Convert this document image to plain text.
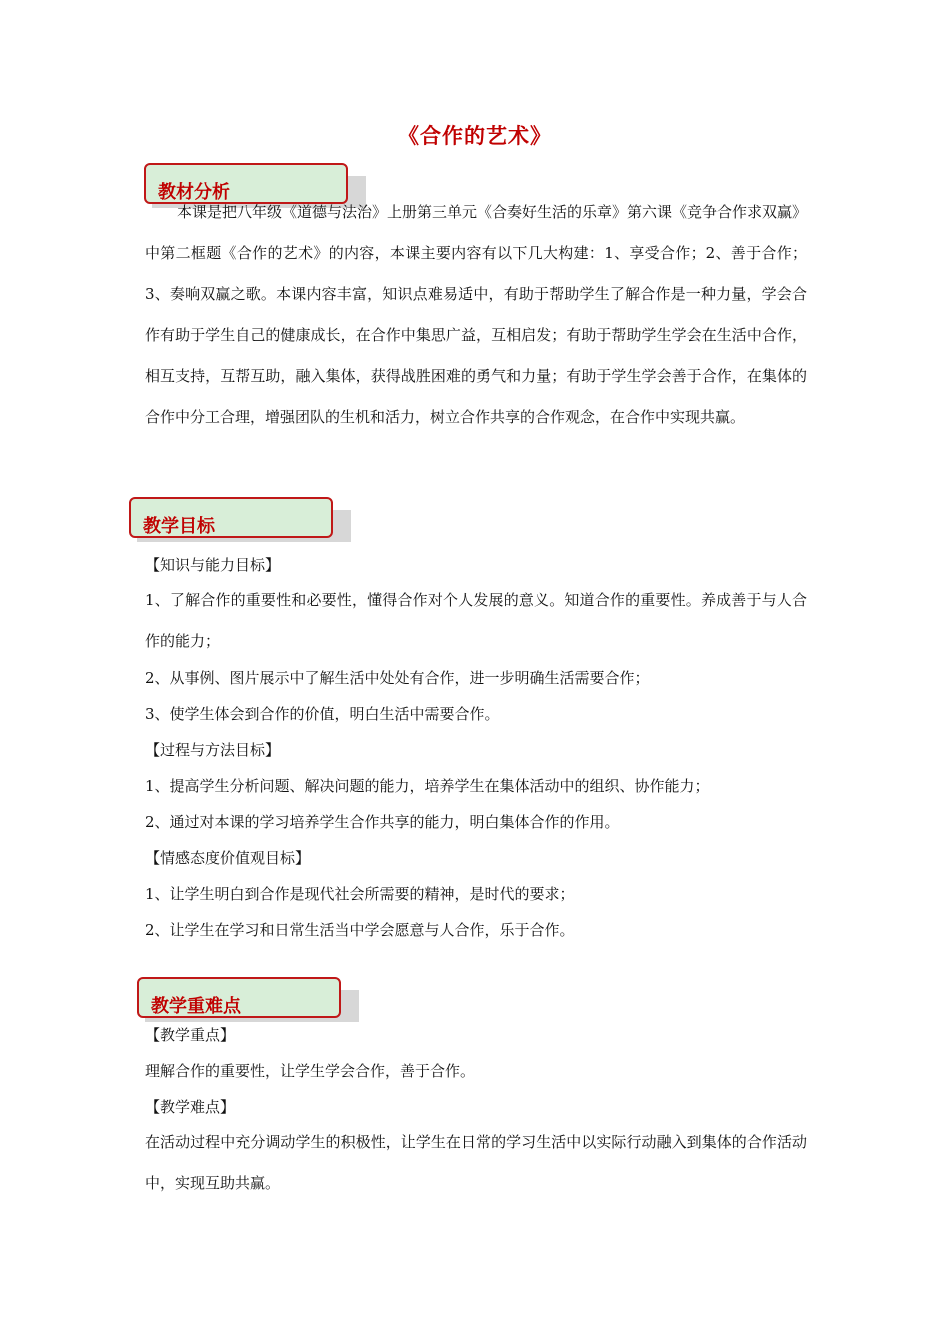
《合作的艺术》
教材分析

本课是把八年级《道德与法治》上册第三单元《合奏好生活的乐章》第六课《竞争合作求双赢》中第二框题《合作的艺术》的内容，本课主要内容有以下几大构建：1、享受合作；2、善于合作；3、奏响双赢之歌。本课内容丰富，知识点难易适中，有助于帮助学生了解合作是一种力量，学会合作有助于学生自己的健康成长，在合作中集思广益，互相启发；有助于帮助学生学会在生活中合作，相互支持，互帮互助，融入集体，获得战胜困难的勇气和力量；有助于学生学会善于合作，在集体的合作中分工合理，增强团队的生机和活力，树立合作共享的合作观念，在合作中实现共赢。

教学目标

【知识与能力目标】

1、了解合作的重要性和必要性，懂得合作对个人发展的意义。知道合作的重要性。养成善于与人合作的能力；

2、从事例、图片展示中了解生活中处处有合作，进一步明确生活需要合作；

3、使学生体会到合作的价值，明白生活中需要合作。

【过程与方法目标】

1、提高学生分析问题、解决问题的能力，培养学生在集体活动中的组织、协作能力；

2、通过对本课的学习培养学生合作共享的能力，明白集体合作的作用。

【情感态度价值观目标】

1、让学生明白到合作是现代社会所需要的精神，是时代的要求；

2、让学生在学习和日常生活当中学会愿意与人合作，乐于合作。

教学重难点

【教学重点】

理解合作的重要性，让学生学会合作，善于合作。

【教学难点】

在活动过程中充分调动学生的积极性，让学生在日常的学习生活中以实际行动融入到集体的合作活动中，实现互助共赢。
